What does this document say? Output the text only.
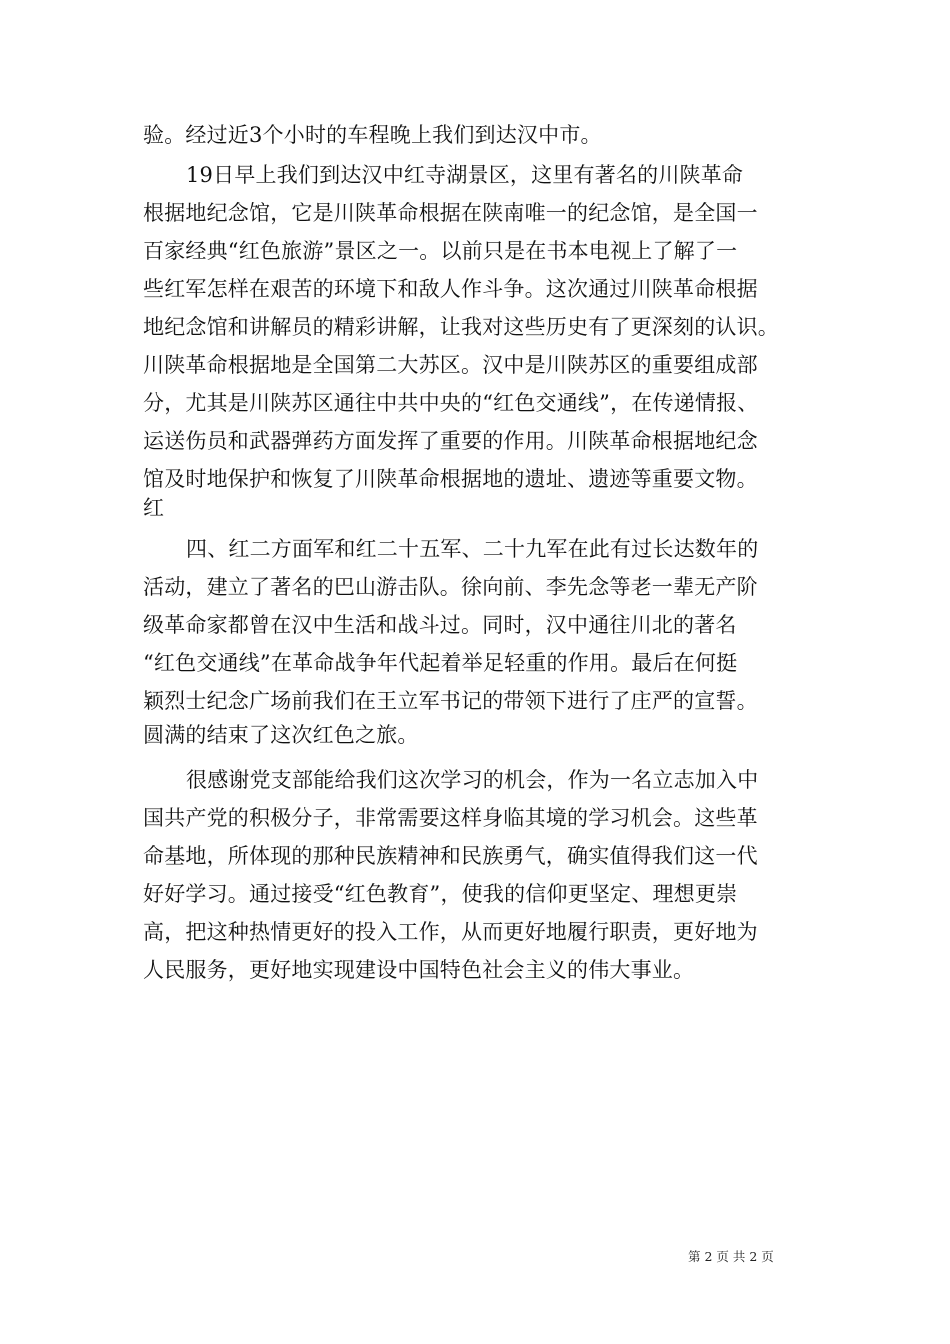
验。经过近3个小时的车程晚上我们到达汉中市。
19日早上我们到达汉中红寺湖景区，这里有著名的川陕革命
根据地纪念馆，它是川陕革命根据在陕南唯一的纪念馆，是全国一
百家经典“红色旅游”景区之一。以前只是在书本电视上了解了一
些红军怎样在艰苦的环境下和敌人作斗争。这次通过川陕革命根据
地纪念馆和讲解员的精彩讲解，让我对这些历史有了更深刻的认识。
川陕革命根据地是全国第二大苏区。汉中是川陕苏区的重要组成部
分，尤其是川陕苏区通往中共中央的“红色交通线”，在传递情报、
运送伤员和武器弹药方面发挥了重要的作用。川陕革命根据地纪念
馆及时地保护和恢复了川陕革命根据地的遗址、遗迹等重要文物。
红
四、红二方面军和红二十五军、二十九军在此有过长达数年的
活动，建立了著名的巴山游击队。徐向前、李先念等老一辈无产阶
级革命家都曾在汉中生活和战斗过。同时，汉中通往川北的著名
“红色交通线”在革命战争年代起着举足轻重的作用。最后在何挺
颖烈士纪念广场前我们在王立军书记的带领下进行了庄严的宣誓。
圆满的结束了这次红色之旅。
很感谢党支部能给我们这次学习的机会，作为一名立志加入中
国共产党的积极分子，非常需要这样身临其境的学习机会。这些革
命基地，所体现的那种民族精神和民族勇气，确实值得我们这一代
好好学习。通过接受“红色教育”，使我的信仰更坚定、理想更崇
高，把这种热情更好的投入工作，从而更好地履行职责，更好地为
人民服务，更好地实现建设中国特色社会主义的伟大事业。
第 2 页 共 2 页
